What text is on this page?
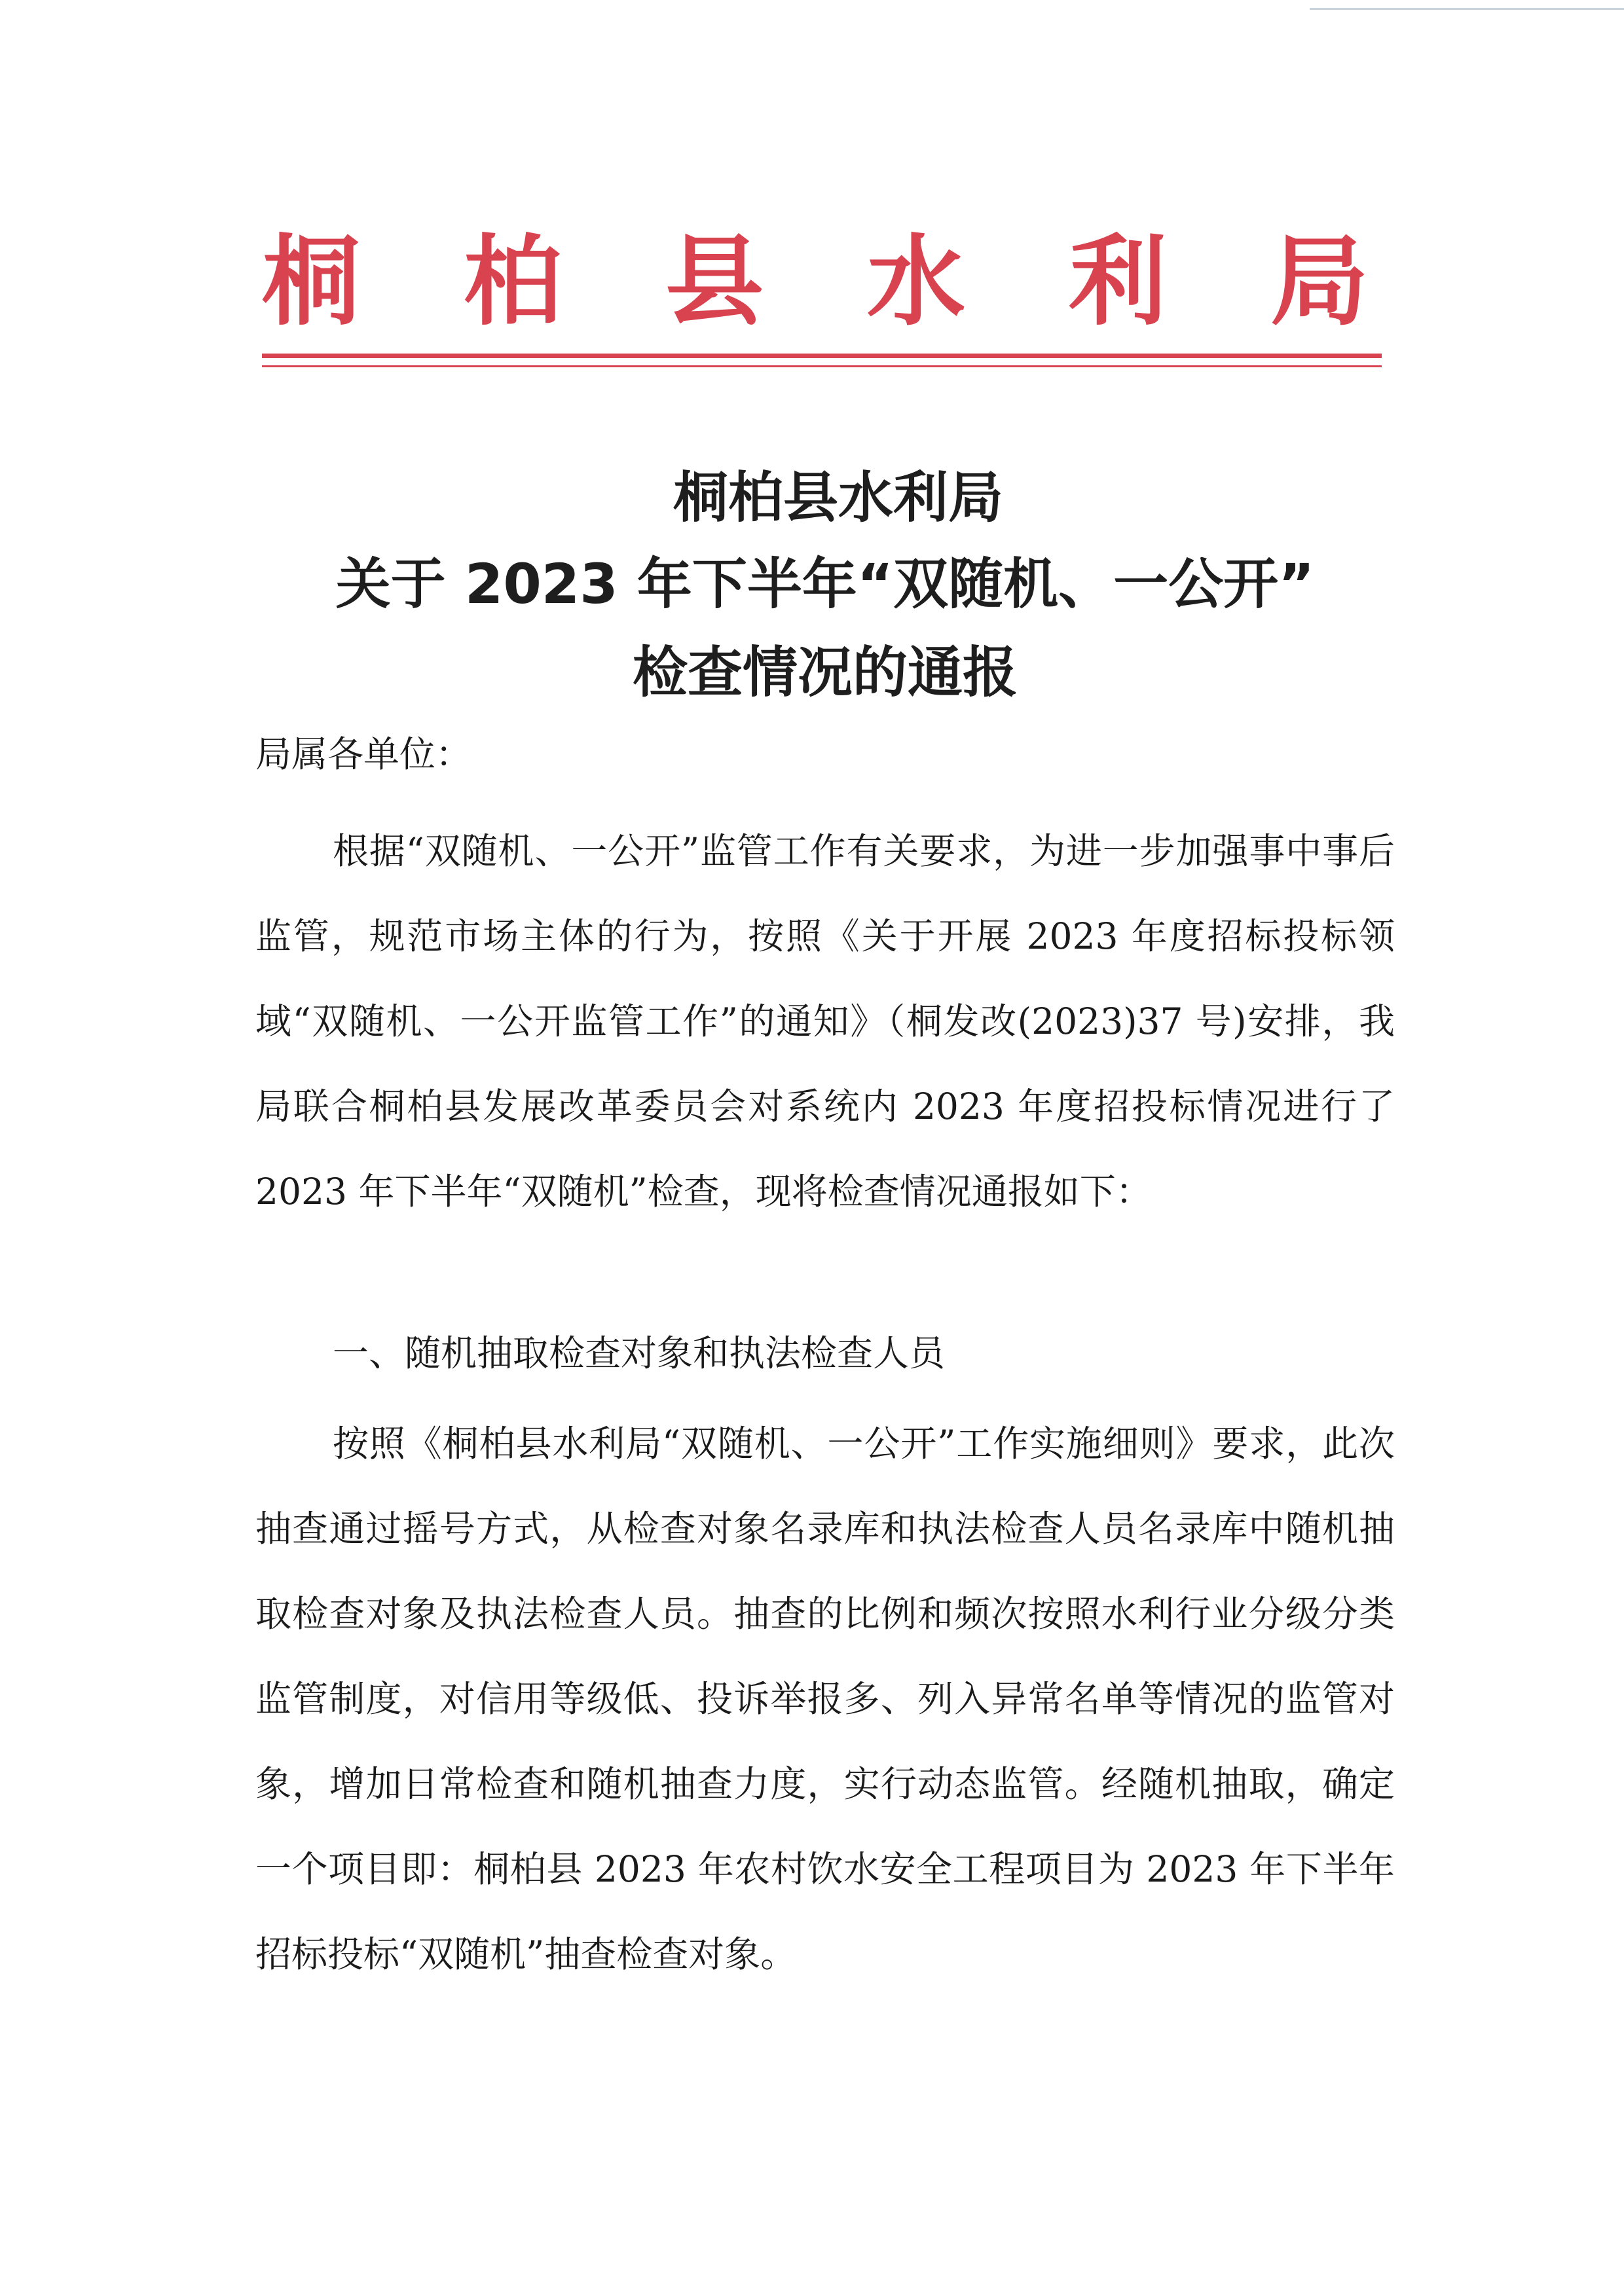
桐 柏 县 水 利 局
桐柏县水利局
关于 2023 年下半年“双随机、一公开”
检查情况的通报
局属各单位：

根据“双随机、一公开”监管工作有关要求，为进一步加强事中事后监管，规范市场主体的行为，按照《关于开展 2023 年度招标投标领域“双随机、一公开监管工作”的通知》（桐发改(2023)37 号)安排，我局联合桐柏县发展改革委员会对系统内 2023 年度招投标情况进行了 2023 年下半年“双随机”检查，现将检查情况通报如下：

一、随机抽取检查对象和执法检查人员

按照《桐柏县水利局“双随机、一公开”工作实施细则》要求，此次抽查通过摇号方式，从检查对象名录库和执法检查人员名录库中随机抽取检查对象及执法检查人员。抽查的比例和频次按照水利行业分级分类监管制度，对信用等级低、投诉举报多、列入异常名单等情况的监管对象，增加日常检查和随机抽查力度，实行动态监管。经随机抽取，确定一个项目即：桐柏县 2023 年农村饮水安全工程项目为 2023 年下半年招标投标“双随机”抽查检查对象。
